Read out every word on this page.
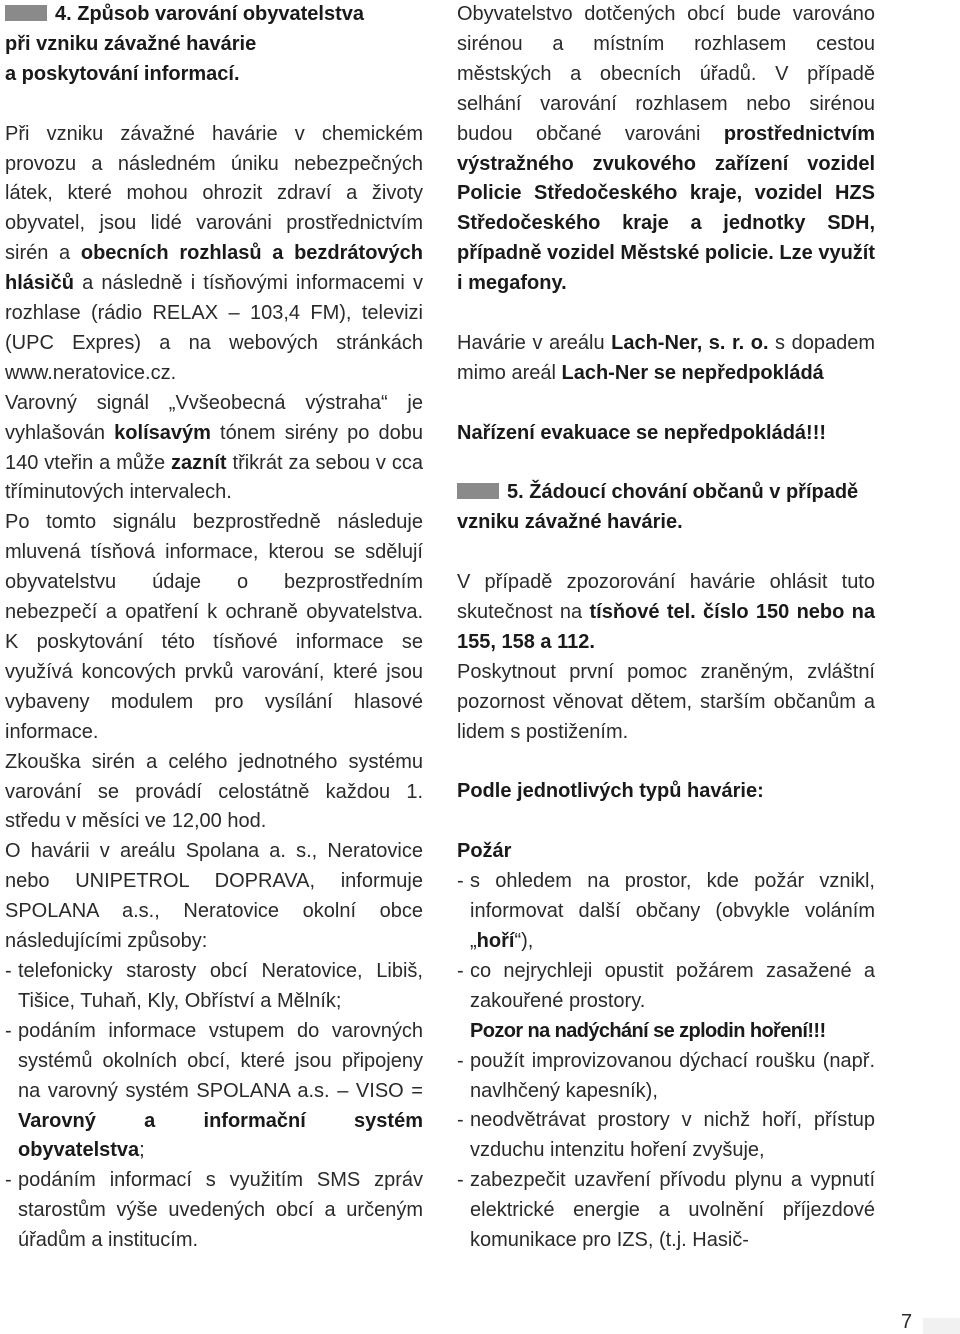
4. Způsob varování obyvatelstva
při vzniku závažné havárie
a poskytování informací.

Při vzniku závažné havárie v chemickém provozu a následném úniku nebezpečných látek, které mohou ohrozit zdraví a životy obyvatel, jsou lidé varováni prostřednictvím sirén a obecních rozhlasů a bezdrátových hlásičů a následně i tísňovými informacemi v rozhlase (rádio RELAX – 103,4 FM), televizi (UPC Expres) a na webových stránkách www.neratovice.cz.

Varovný signál „Vvšeobecná výstraha“ je vyhlašován kolísavým tónem sirény po dobu 140 vteřin a může zaznít třikrát za sebou v cca tříminutových intervalech.

Po tomto signálu bezprostředně následuje mluvená tísňová informace, kterou se sdělují obyvatelstvu údaje o bezprostředním nebezpečí a opatření k ochraně obyvatelstva. K poskytování této tísňové informace se využívá koncových prvků varování, které jsou vybaveny modulem pro vysílání hlasové informace.

Zkouška sirén a celého jednotného systému varování se provádí celostátně každou 1. středu v měsíci ve 12,00 hod.

O havárii v areálu Spolana a. s., Neratovice nebo UNIPETROL DOPRAVA, informuje SPOLANA a.s., Neratovice okolní obce následujícími způsoby:

- telefonicky starosty obcí Neratovice, Libiš, Tišice, Tuhaň, Kly, Obříství a Mělník;
- podáním informace vstupem do varovných systémů okolních obcí, které jsou připojeny na varovný systém SPOLANA a.s. – VISO = Varovný a informační systém obyvatelstva;
- podáním informací s využitím SMS zpráv starostům výše uvedených obcí a určeným úřadům a institucím.

Obyvatelstvo dotčených obcí bude varováno sirénou a místním rozhlasem cestou městských a obecních úřadů. V případě selhání varování rozhlasem nebo sirénou budou občané varováni prostřednictvím výstražného zvukového zařízení vozidel Policie Středočeského kraje, vozidel HZS Středočeského kraje a jednotky SDH, případně vozidel Městské policie. Lze využít i megafony.

Havárie v areálu Lach-Ner, s. r. o. s dopadem mimo areál Lach-Ner se nepředpokládá

Nařízení evakuace se nepředpokládá!!!

5. Žádoucí chování občanů v případě vzniku závažné havárie.

V případě zpozorování havárie ohlásit tuto skutečnost na tísňové tel. číslo 150 nebo na 155, 158 a 112.

Poskytnout první pomoc zraněným, zvláštní pozornost věnovat dětem, starším občanům a lidem s postižením.

Podle jednotlivých typů havárie:

Požár

- s ohledem na prostor, kde požár vznikl, informovat další občany (obvykle voláním „hoří“),
- co nejrychleji opustit požárem zasažené a zakouřené prostory.

Pozor na nadýchání se zplodin hoření!!!

- použít improvizovanou dýchací roušku (např. navlhčený kapesník),
- neodvětrávat prostory v nichž hoří, přístup vzduchu intenzitu hoření zvyšuje,
- zabezpečit uzavření přívodu plynu a vypnutí elektrické energie a uvolnění příjezdové komunikace pro IZS, (t.j. Hasič-
7
